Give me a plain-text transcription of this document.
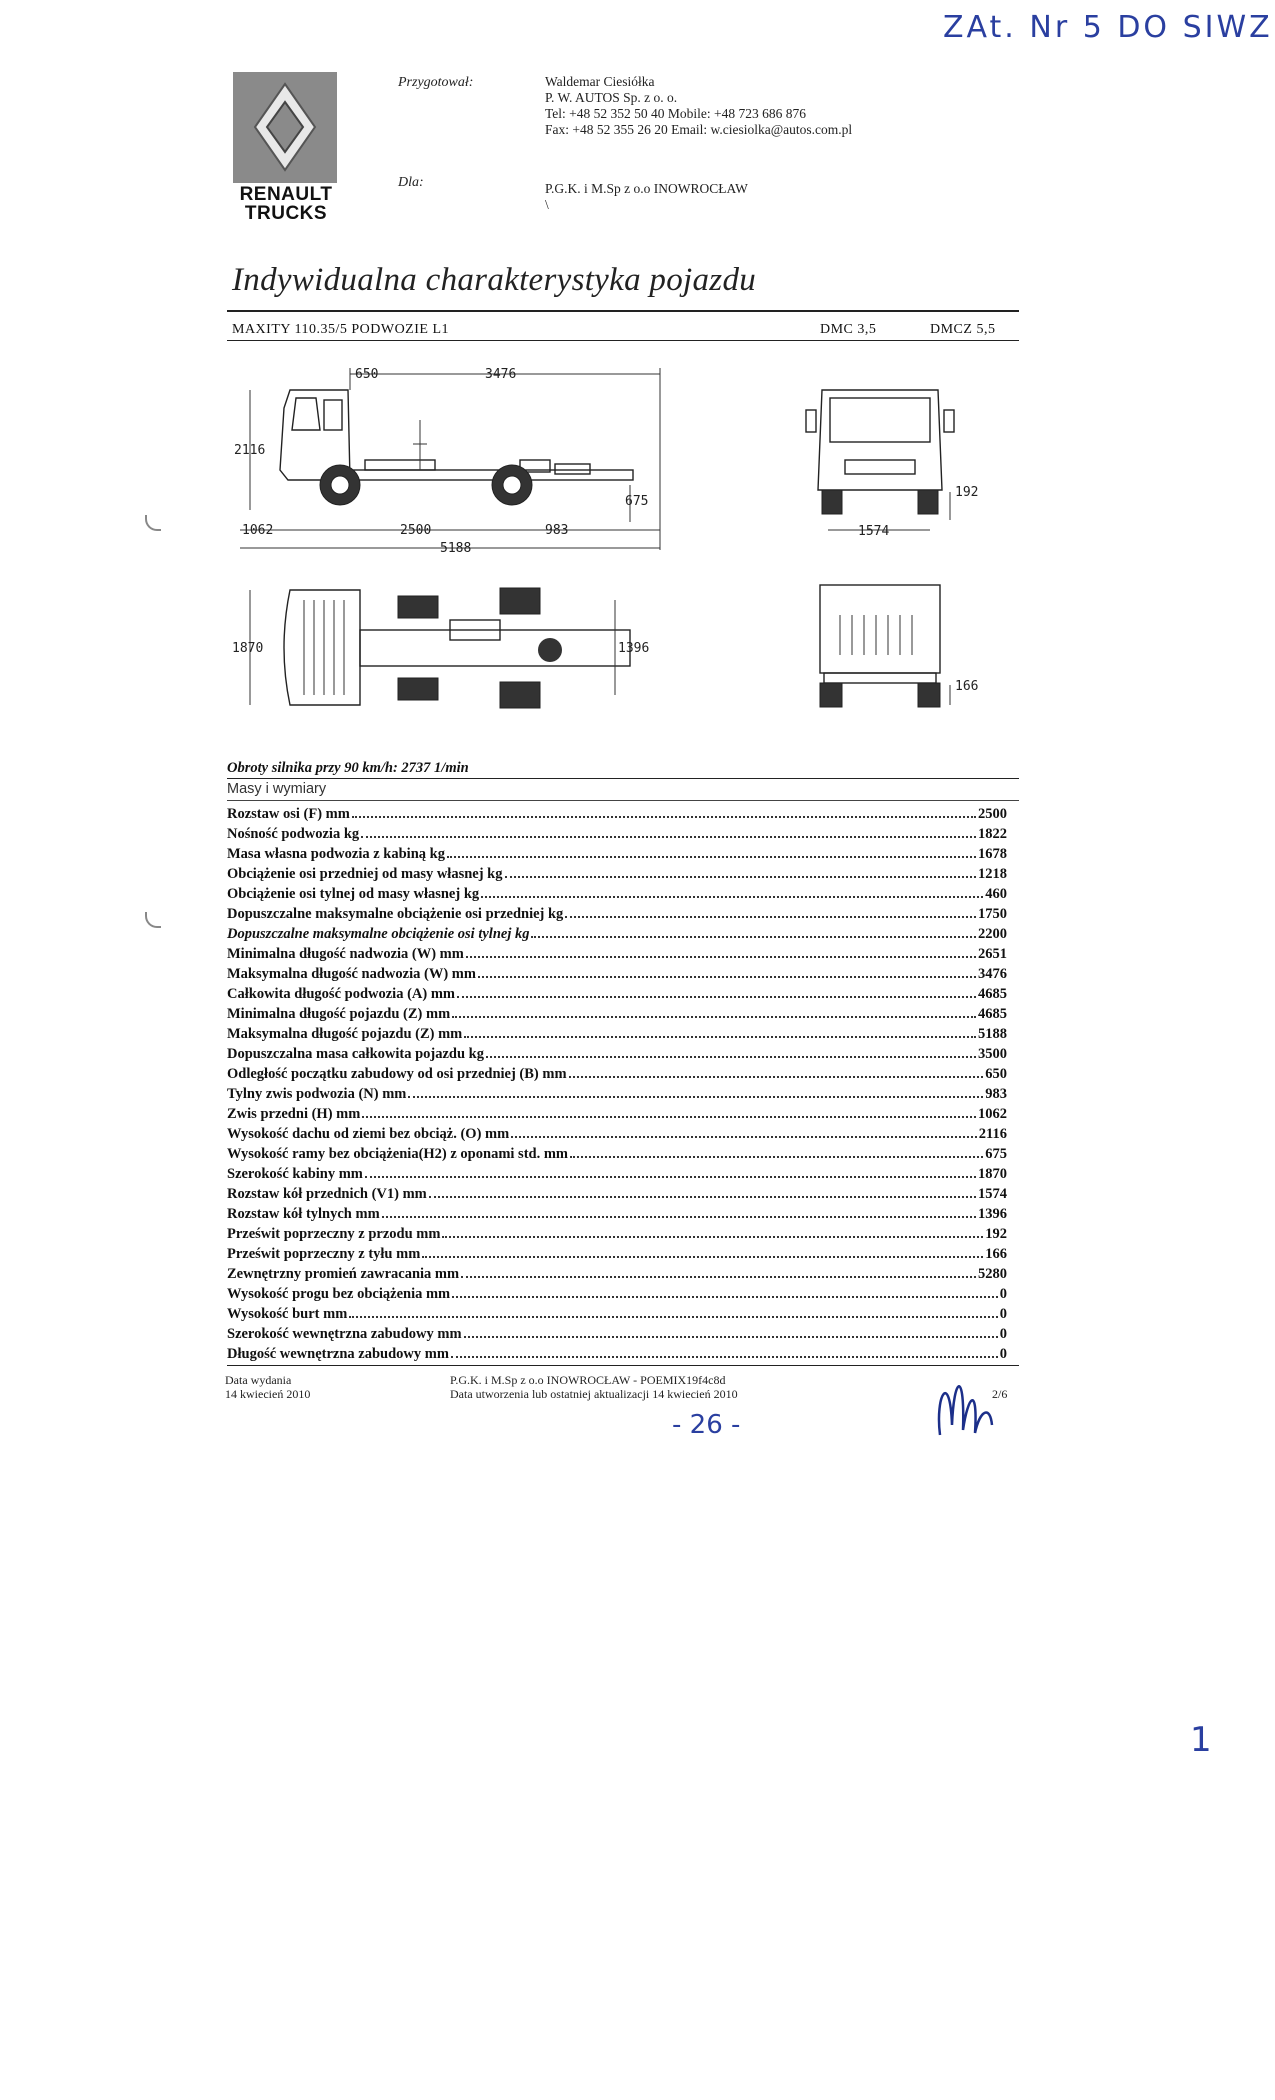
ZAt. Nr 5 DO SIWZ
RENAULT
TRUCKS
Przygotował:	Waldemar Ciesiółka
P. W. AUTOS Sp. z o. o.
Tel: +48 52 352 50 40 Mobile: +48 723 686 876
Fax: +48 52 355 26 20 Email: w.ciesiolka@autos.com.pl
Dla:	P.G.K. i M.Sp z o.o INOWROCŁAW
\
Indywidualna charakterystyka pojazdu
MAXITY 110.35/5 PODWOZIE L1	DMC 3,5	DMCZ 5,5
650	3476
2116
675
1062	2500	983
5188
192
1574
1870	1396
166
Obroty silnika przy 90 km/h: 2737 1/min
Masy i wymiary
Rozstaw osi (F) mm	2500
Nośność podwozia kg	1822
Masa własna podwozia z kabiną kg	1678
Obciążenie osi przedniej od masy własnej kg	1218
Obciążenie osi tylnej od masy własnej kg	460
Dopuszczalne maksymalne obciążenie osi przedniej kg	1750
Dopuszczalne maksymalne obciążenie osi tylnej kg	2200
Minimalna długość nadwozia (W) mm	2651
Maksymalna długość nadwozia (W) mm	3476
Całkowita długość podwozia (A) mm	4685
Minimalna długość pojazdu (Z) mm	4685
Maksymalna długość pojazdu (Z) mm	5188
Dopuszczalna masa całkowita pojazdu kg	3500
Odległość początku zabudowy od osi przedniej (B) mm	650
Tylny zwis podwozia (N) mm	983
Zwis przedni (H) mm	1062
Wysokość dachu od ziemi bez obciąż. (O) mm	2116
Wysokość ramy bez obciążenia(H2) z oponami std. mm	675
Szerokość kabiny mm	1870
Rozstaw kół przednich (V1) mm	1574
Rozstaw kół tylnych mm	1396
Prześwit poprzeczny z przodu mm	192
Prześwit poprzeczny z tyłu mm	166
Zewnętrzny promień zawracania mm	5280
Wysokość progu bez obciążenia mm	0
Wysokość burt mm	0
Szerokość wewnętrzna zabudowy mm	0
Długość wewnętrzna zabudowy mm	0
Data wydania
14 kwiecień 2010
P.G.K. i M.Sp z o.o INOWROCŁAW - POEMIX19f4c8d
Data utworzenia lub ostatniej aktualizacji 14 kwiecień 2010	2/6
- 26 -
1
